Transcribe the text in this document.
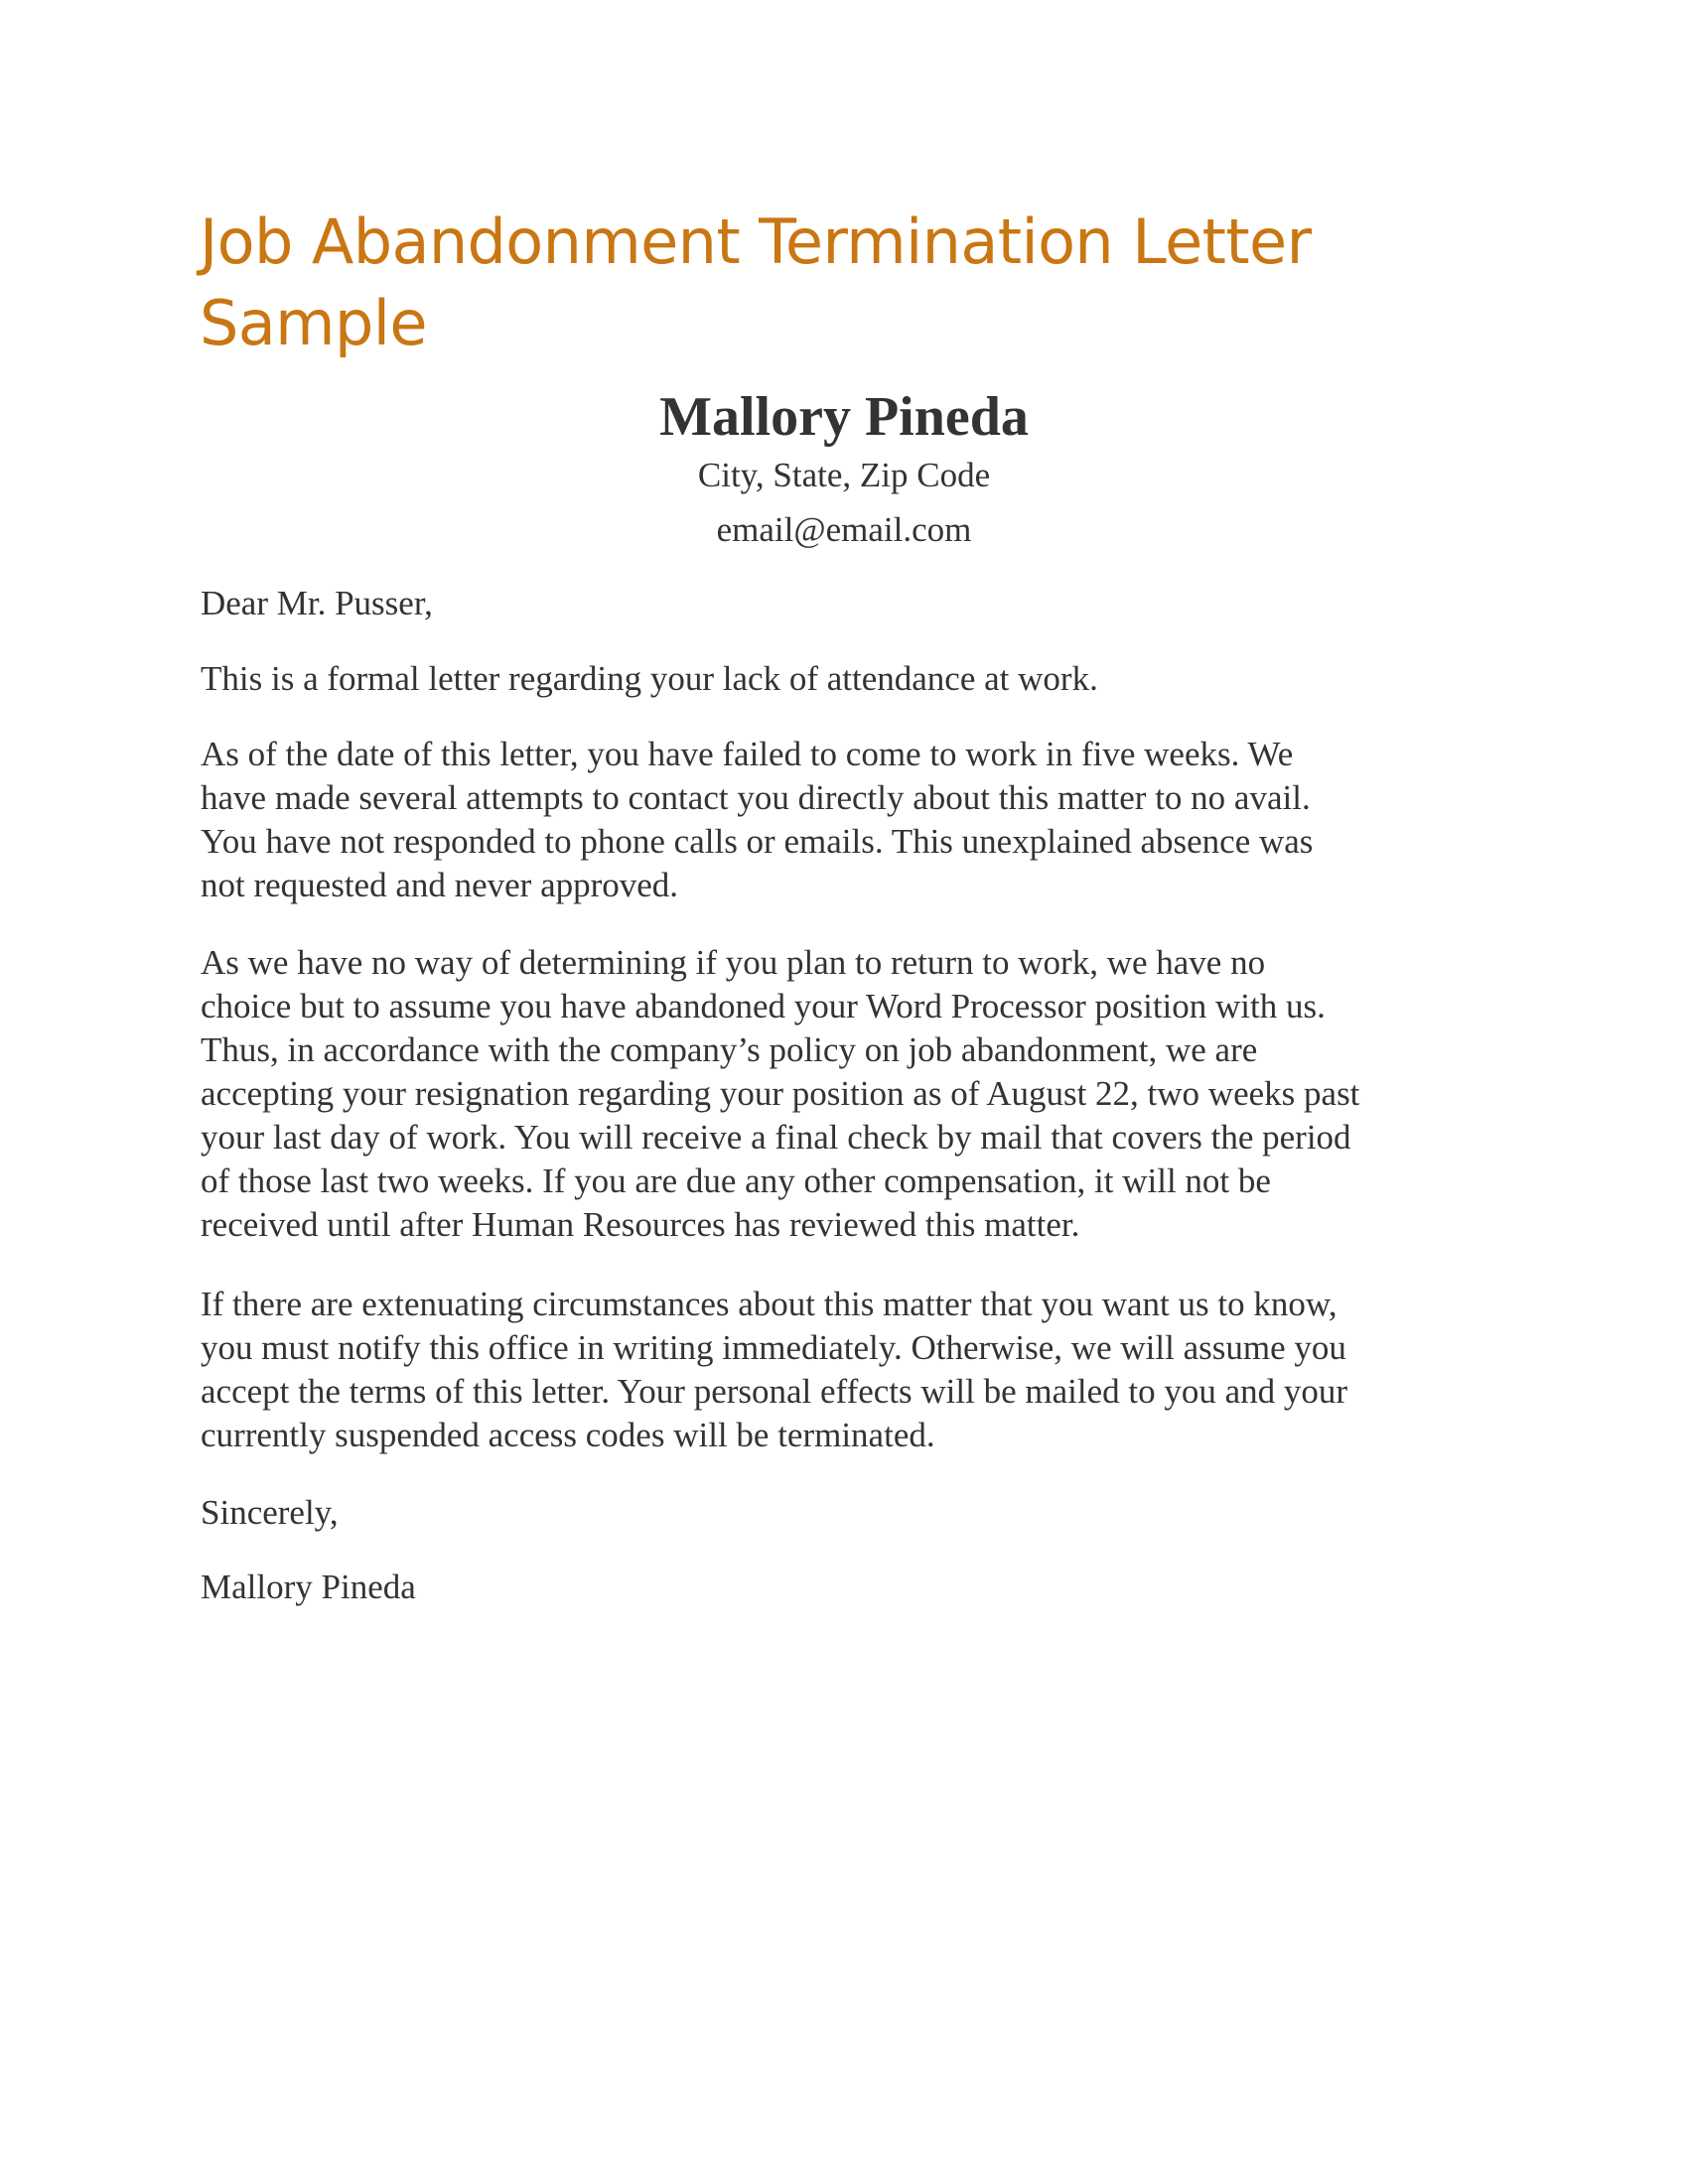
Job Abandonment Termination Letter
Sample
Mallory Pineda
City, State, Zip Code
email@email.com

Dear Mr. Pusser,

This is a formal letter regarding your lack of attendance at work.

As of the date of this letter, you have failed to come to work in five weeks. We
have made several attempts to contact you directly about this matter to no avail.
You have not responded to phone calls or emails. This unexplained absence was
not requested and never approved.

As we have no way of determining if you plan to return to work, we have no
choice but to assume you have abandoned your Word Processor position with us.
Thus, in accordance with the company’s policy on job abandonment, we are
accepting your resignation regarding your position as of August 22, two weeks past
your last day of work. You will receive a final check by mail that covers the period
of those last two weeks. If you are due any other compensation, it will not be
received until after Human Resources has reviewed this matter.

If there are extenuating circumstances about this matter that you want us to know,
you must notify this office in writing immediately. Otherwise, we will assume you
accept the terms of this letter. Your personal effects will be mailed to you and your
currently suspended access codes will be terminated.

Sincerely,

Mallory Pineda
